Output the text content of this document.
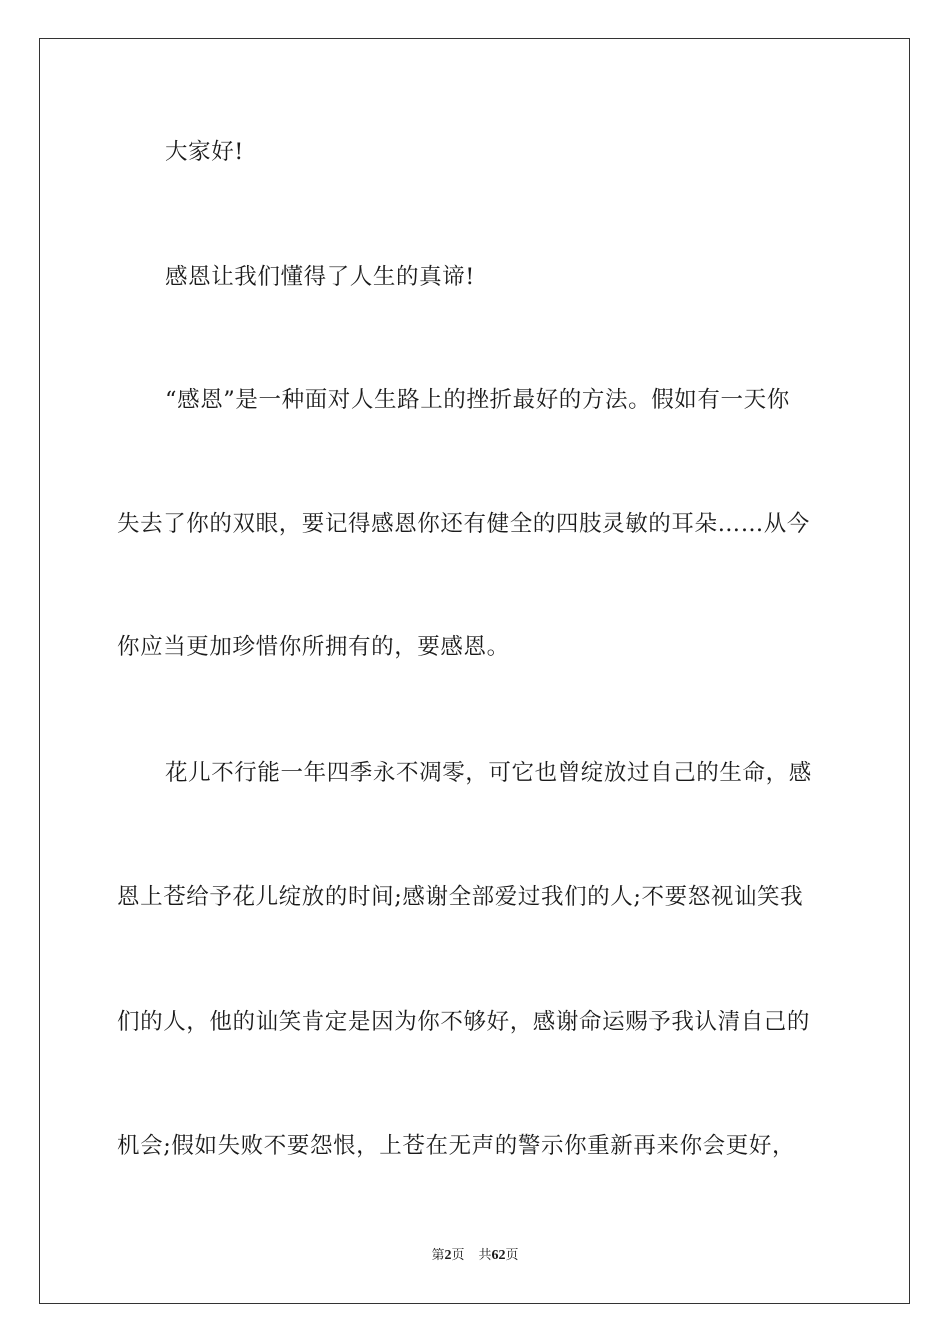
大家好!
感恩让我们懂得了人生的真谛!
“感恩”是一种面对人生路上的挫折最好的方法。假如有一天你
失去了你的双眼，要记得感恩你还有健全的四肢灵敏的耳朵……从今
你应当更加珍惜你所拥有的，要感恩。
花儿不行能一年四季永不凋零，可它也曾绽放过自己的生命，感
恩上苍给予花儿绽放的时间;感谢全部爱过我们的人;不要怒视讪笑我
们的人，他的讪笑肯定是因为你不够好，感谢命运赐予我认清自己的
机会;假如失败不要怨恨，上苍在无声的警示你重新再来你会更好，
第2页 共62页
